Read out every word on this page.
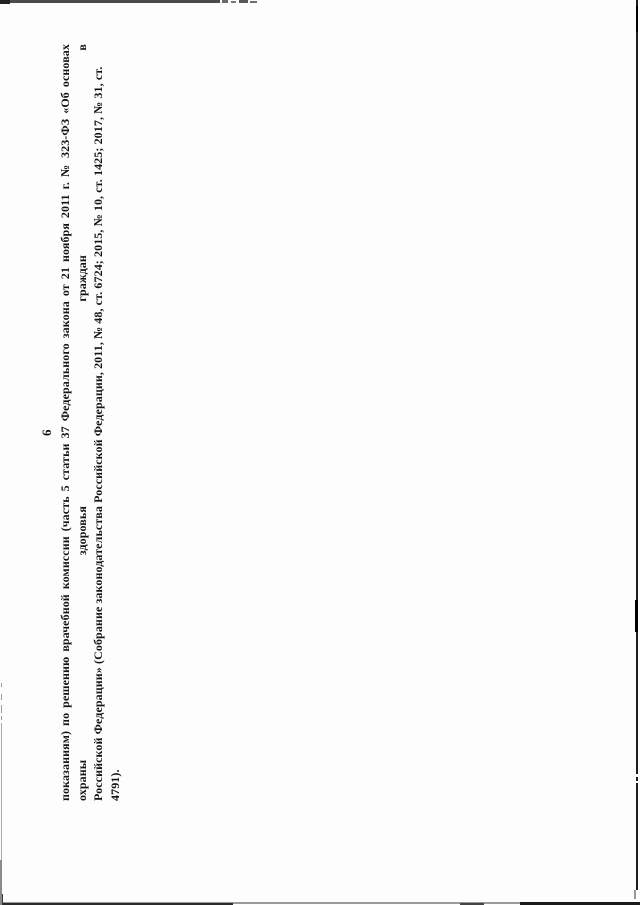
6 показаниям) по решению врачебной комиссии (часть 5 статьи 37 Федерального закона от 21 ноября 2011 г. № 323-ФЗ «Об основах охраны здоровья граждан в Российской Федерации» (Собрание законодательства Российской Федерации, 2011, № 48, ст. 6724; 2015, № 10, ст. 1425; 2017, № 31, ст. 4791).
